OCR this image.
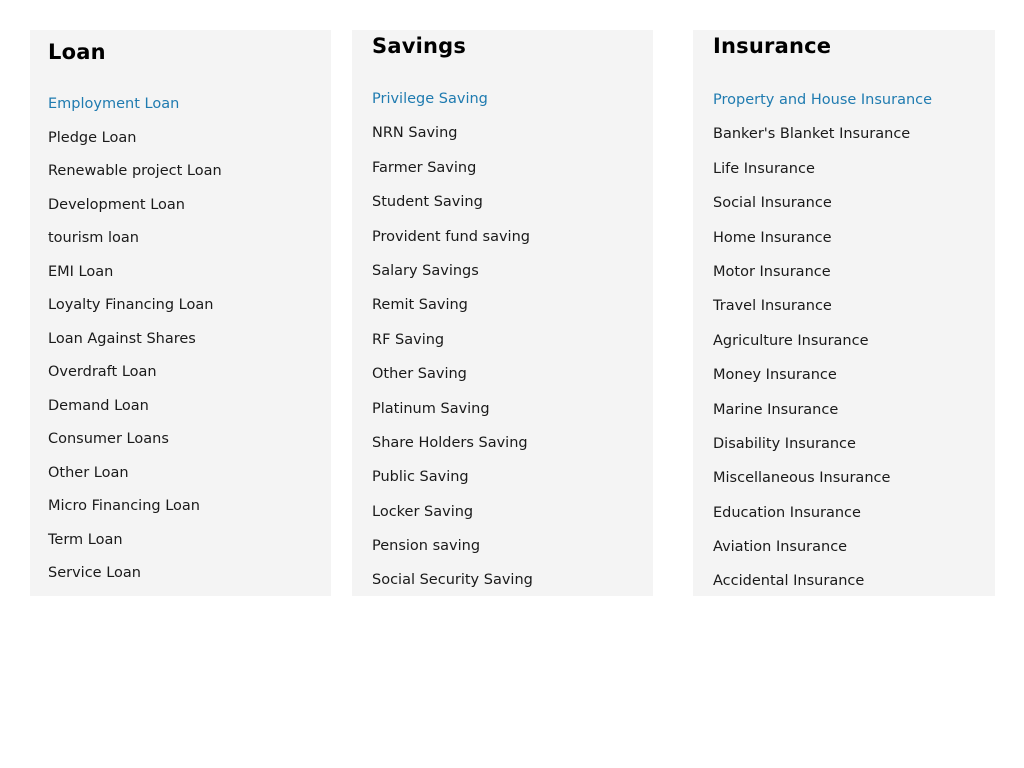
Loan
Employment Loan
Pledge Loan
Renewable project Loan
Development Loan
tourism loan
EMI Loan
Loyalty Financing Loan
Loan Against Shares
Overdraft Loan
Demand Loan
Consumer Loans
Other Loan
Micro Financing Loan
Term Loan
Service Loan
Savings
Privilege Saving
NRN Saving
Farmer Saving
Student Saving
Provident fund saving
Salary Savings
Remit Saving
RF Saving
Other Saving
Platinum Saving
Share Holders Saving
Public Saving
Locker Saving
Pension saving
Social Security Saving
Insurance
Property and House Insurance
Banker's Blanket Insurance
Life Insurance
Social Insurance
Home Insurance
Motor Insurance
Travel Insurance
Agriculture Insurance
Money Insurance
Marine Insurance
Disability Insurance
Miscellaneous Insurance
Education Insurance
Aviation Insurance
Accidental Insurance
